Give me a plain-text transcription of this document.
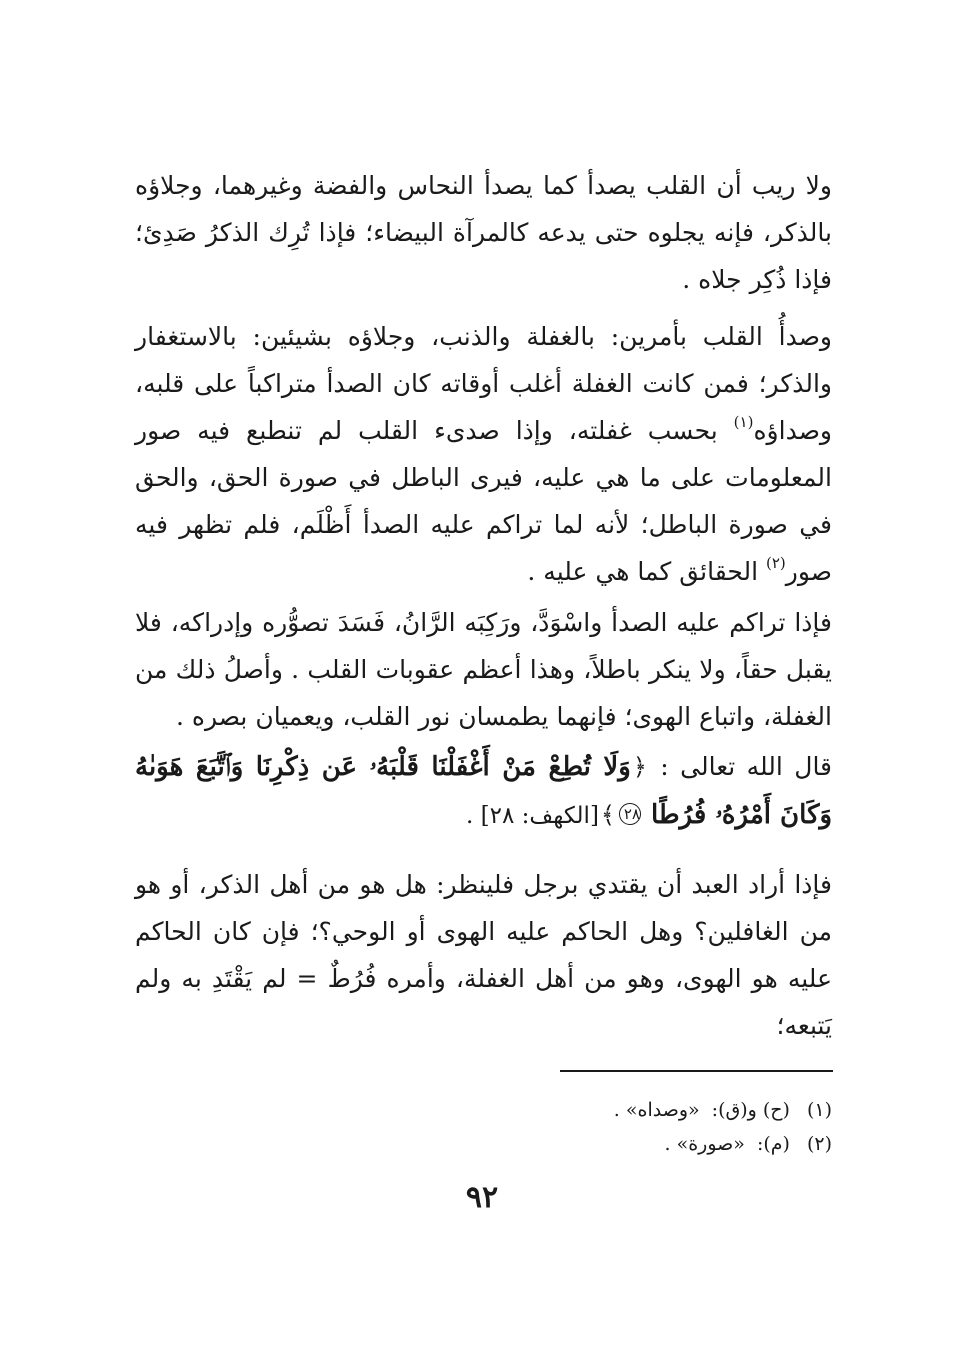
ولا ريب أن القلب يصدأ كما يصدأ النحاس والفضة وغيرهما، وجلاؤه بالذكر، فإنه يجلوه حتى يدعه كالمرآة البيضاء؛ فإذا تُرِك الذكرُ صَدِئ؛ فإذا ذُكِر جلاه .
وصدأُ القلب بأمرين: بالغفلة والذنب، وجلاؤه بشيئين: بالاستغفار والذكر؛ فمن كانت الغفلة أغلب أوقاته كان الصدأ متراكباً على قلبه، وصداؤه$^{(١)}$ بحسب غفلته، وإذا صدىء القلب لم تنطبع فيه صور المعلومات على ما هي عليه، فيرى الباطل في صورة الحق، والحق في صورة الباطل؛ لأنه لما تراكم عليه الصدأ أَظْلَم، فلم تظهر فيه صور$^{(٢)}$ الحقائق كما هي عليه .
فإذا تراكم عليه الصدأ واسْوَدَّ، ورَكِبَه الرَّانُ، فَسَدَ تصوُّره وإدراكه، فلا يقبل حقاً، ولا ينكر باطلاً، وهذا أعظم عقوبات القلب . وأصلُ ذلك من الغفلة، واتباع الهوى؛ فإنهما يطمسان نور القلب، ويعميان بصره .
قال الله تعالى : ﴿وَلَا تُطِعْ مَنْ أَغْفَلْنَا قَلْبَهُۥ عَن ذِكْرِنَا وَٱتَّبَعَ هَوَىٰهُ وَكَانَ أَمْرُهُۥ فُرُطًا ٢٨﴾[الكهف: ٢٨] .
فإذا أراد العبد أن يقتدي برجل فلينظر: هل هو من أهل الذكر، أو هو من الغافلين؟ وهل الحاكم عليه الهوى أو الوحي؟؛ فإن كان الحاكم عليه هو الهوى، وهو من أهل الغفلة، وأمره فُرُطٌ = لم يَقْتَدِ به ولم يَتبعه؛
(١) (ح) و(ق): «وصداه» .
(٢) (م): «صورة» .
٩٢
